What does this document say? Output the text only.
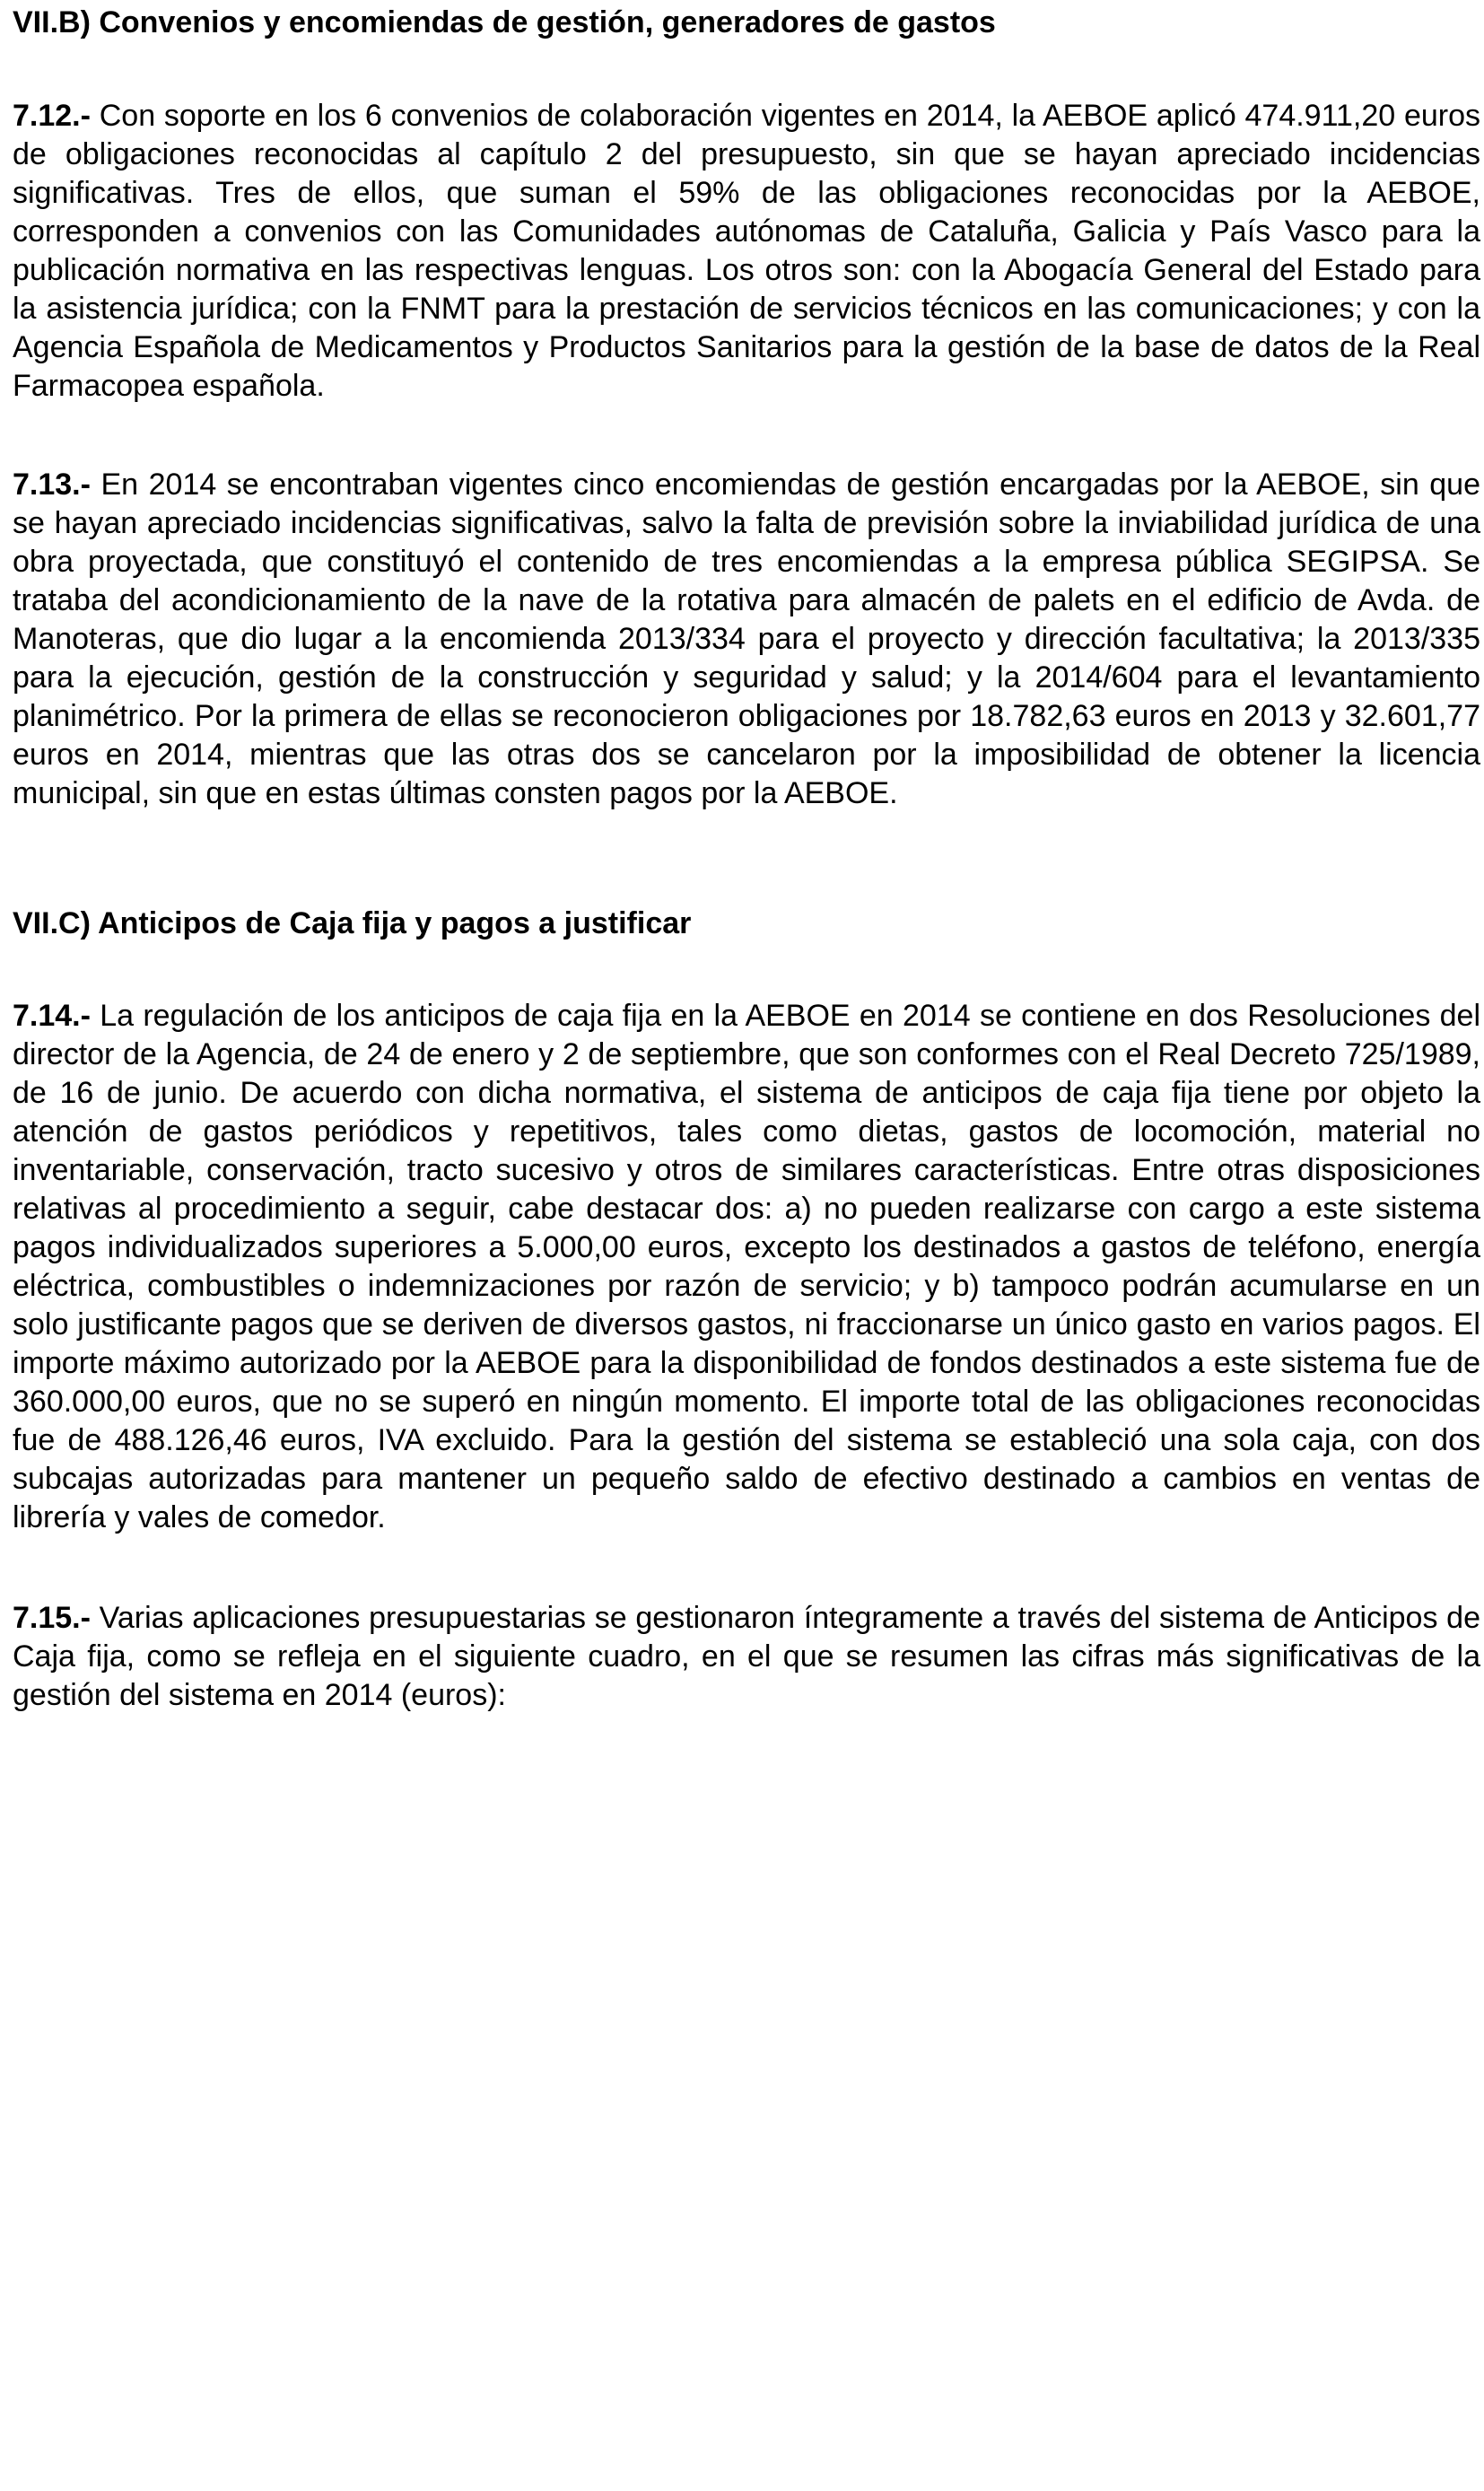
VII.B) Convenios y encomiendas de gestión, generadores de gastos

7.12.- Con soporte en los 6 convenios de colaboración vigentes en 2014, la AEBOE aplicó 474.911,20 euros de obligaciones reconocidas al capítulo 2 del presupuesto, sin que se hayan apreciado incidencias significativas. Tres de ellos, que suman el 59% de las obligaciones reconocidas por la AEBOE, corresponden a convenios con las Comunidades autónomas de Cataluña, Galicia y País Vasco para la publicación normativa en las respectivas lenguas. Los otros son: con la Abogacía General del Estado para la asistencia jurídica; con la FNMT para la prestación de servicios técnicos en las comunicaciones; y con la Agencia Española de Medicamentos y Productos Sanitarios para la gestión de la base de datos de la Real Farmacopea española.

7.13.- En 2014 se encontraban vigentes cinco encomiendas de gestión encargadas por la AEBOE, sin que se hayan apreciado incidencias significativas, salvo la falta de previsión sobre la inviabilidad jurídica de una obra proyectada, que constituyó el contenido de tres encomiendas a la empresa pública SEGIPSA. Se trataba del acondicionamiento de la nave de la rotativa para almacén de palets en el edificio de Avda. de Manoteras, que dio lugar a la encomienda 2013/334 para el proyecto y dirección facultativa; la 2013/335 para la ejecución, gestión de la construcción y seguridad y salud; y la 2014/604 para el levantamiento planimétrico. Por la primera de ellas se reconocieron obligaciones por 18.782,63 euros en 2013 y 32.601,77 euros en 2014, mientras que las otras dos se cancelaron por la imposibilidad de obtener la licencia municipal, sin que en estas últimas consten pagos por la AEBOE.

VII.C) Anticipos de Caja fija y pagos a justificar

7.14.- La regulación de los anticipos de caja fija en la AEBOE en 2014 se contiene en dos Resoluciones del director de la Agencia, de 24 de enero y 2 de septiembre, que son conformes con el Real Decreto 725/1989, de 16 de junio. De acuerdo con dicha normativa, el sistema de anticipos de caja fija tiene por objeto la atención de gastos periódicos y repetitivos, tales como dietas, gastos de locomoción, material no inventariable, conservación, tracto sucesivo y otros de similares características. Entre otras disposiciones relativas al procedimiento a seguir, cabe destacar dos: a) no pueden realizarse con cargo a este sistema pagos individualizados superiores a 5.000,00 euros, excepto los destinados a gastos de teléfono, energía eléctrica, combustibles o indemnizaciones por razón de servicio; y b) tampoco podrán acumularse en un solo justificante pagos que se deriven de diversos gastos, ni fraccionarse un único gasto en varios pagos. El importe máximo autorizado por la AEBOE para la disponibilidad de fondos destinados a este sistema fue de 360.000,00 euros, que no se superó en ningún momento. El importe total de las obligaciones reconocidas fue de 488.126,46 euros, IVA excluido. Para la gestión del sistema se estableció una sola caja, con dos subcajas autorizadas para mantener un pequeño saldo de efectivo destinado a cambios en ventas de librería y vales de comedor.

7.15.- Varias aplicaciones presupuestarias se gestionaron íntegramente a través del sistema de Anticipos de Caja fija, como se refleja en el siguiente cuadro, en el que se resumen las cifras más significativas de la gestión del sistema en 2014 (euros):
